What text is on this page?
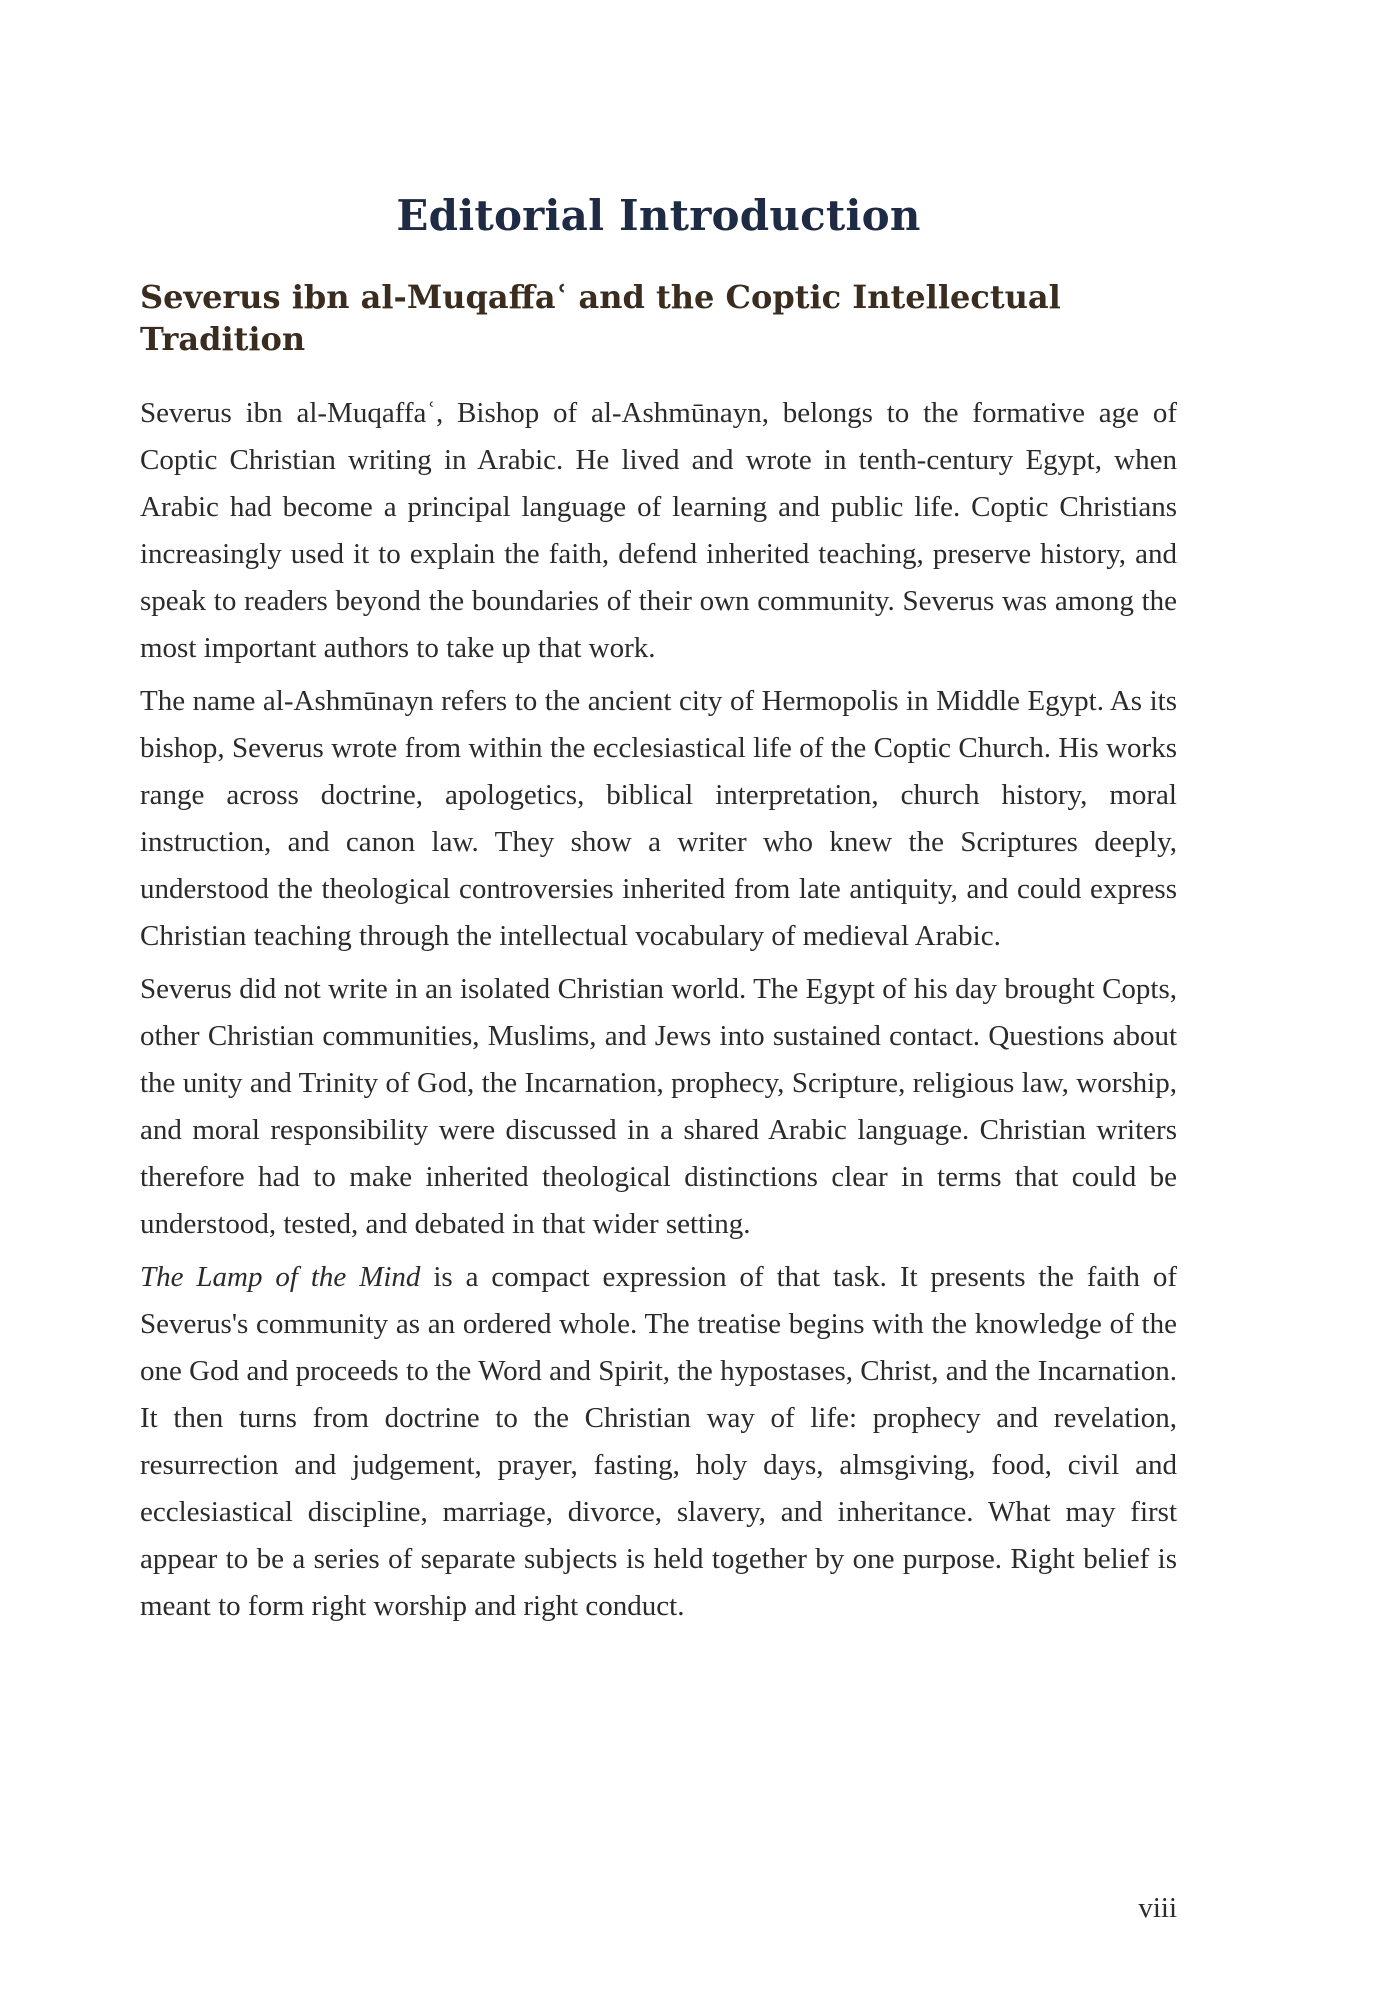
Editorial Introduction
Severus ibn al-Muqaffaʿ and the Coptic Intellectual Tradition

Severus ibn al-Muqaffaʿ, Bishop of al-Ashmūnayn, belongs to the formative age of Coptic Christian writing in Arabic. He lived and wrote in tenth-century Egypt, when Arabic had become a principal language of learning and public life. Coptic Christians increasingly used it to explain the faith, defend inherited teaching, preserve history, and speak to readers beyond the boundaries of their own community. Severus was among the most important authors to take up that work.

The name al-Ashmūnayn refers to the ancient city of Hermopolis in Middle Egypt. As its bishop, Severus wrote from within the ecclesiastical life of the Coptic Church. His works range across doctrine, apologetics, biblical interpretation, church history, moral instruction, and canon law. They show a writer who knew the Scriptures deeply, understood the theological controversies inherited from late antiquity, and could express Christian teaching through the intellectual vocabulary of medieval Arabic.

Severus did not write in an isolated Christian world. The Egypt of his day brought Copts, other Christian communities, Muslims, and Jews into sustained contact. Questions about the unity and Trinity of God, the Incarnation, prophecy, Scripture, religious law, worship, and moral responsibility were discussed in a shared Arabic language. Christian writers therefore had to make inherited theological distinctions clear in terms that could be understood, tested, and debated in that wider setting.

The Lamp of the Mind is a compact expression of that task. It presents the faith of Severus's community as an ordered whole. The treatise begins with the knowledge of the one God and proceeds to the Word and Spirit, the hypostases, Christ, and the Incarnation. It then turns from doctrine to the Christian way of life: prophecy and revelation, resurrection and judgement, prayer, fasting, holy days, almsgiving, food, civil and ecclesiastical discipline, marriage, divorce, slavery, and inheritance. What may first appear to be a series of separate subjects is held together by one purpose. Right belief is meant to form right worship and right conduct.

viii
